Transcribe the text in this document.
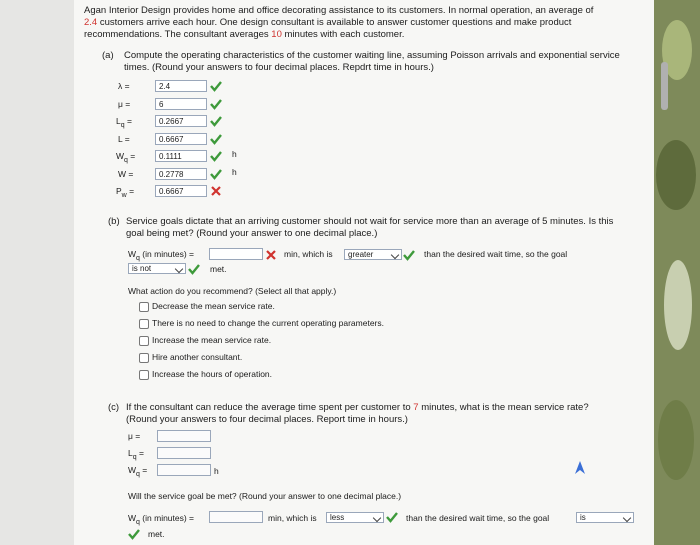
Agan Interior Design provides home and office decorating assistance to its customers. In normal operation, an average of
2.4 customers arrive each hour. One design consultant is available to answer customer questions and make product
recommendations. The consultant averages 10 minutes with each customer.
(a) Compute the operating characteristics of the customer waiting line, assuming Poisson arrivals and exponential service
times. (Round your answers to four decimal places. Repdrt time in hours.)
λ =	2.4
μ =	6
$L_q$ =	0.2667
L =	0.6667
$W_q$ =	0.1111	h
W =	0.2778	h
$P_w$ =	0.6667
(b) Service goals dictate that an arriving customer should not wait for service more than an average of 5 minutes. Is this
goal being met? (Round your answer to one decimal place.)
$W_q$ (in minutes) =	min, which is	greater	than the desired wait time, so the goal
is not	met.
What action do you recommend? (Select all that apply.)
Decrease the mean service rate.
There is no need to change the current operating parameters.
Increase the mean service rate.
Hire another consultant.
Increase the hours of operation.
(c) If the consultant can reduce the average time spent per customer to 7 minutes, what is the mean service rate?
(Round your answers to four decimal places. Report time in hours.)
μ =
$L_q$ =
$W_q$ =	h
Will the service goal be met? (Round your answer to one decimal place.)
$W_q$ (in minutes) =	min, which is	less	than the desired wait time, so the goal	is
met.
